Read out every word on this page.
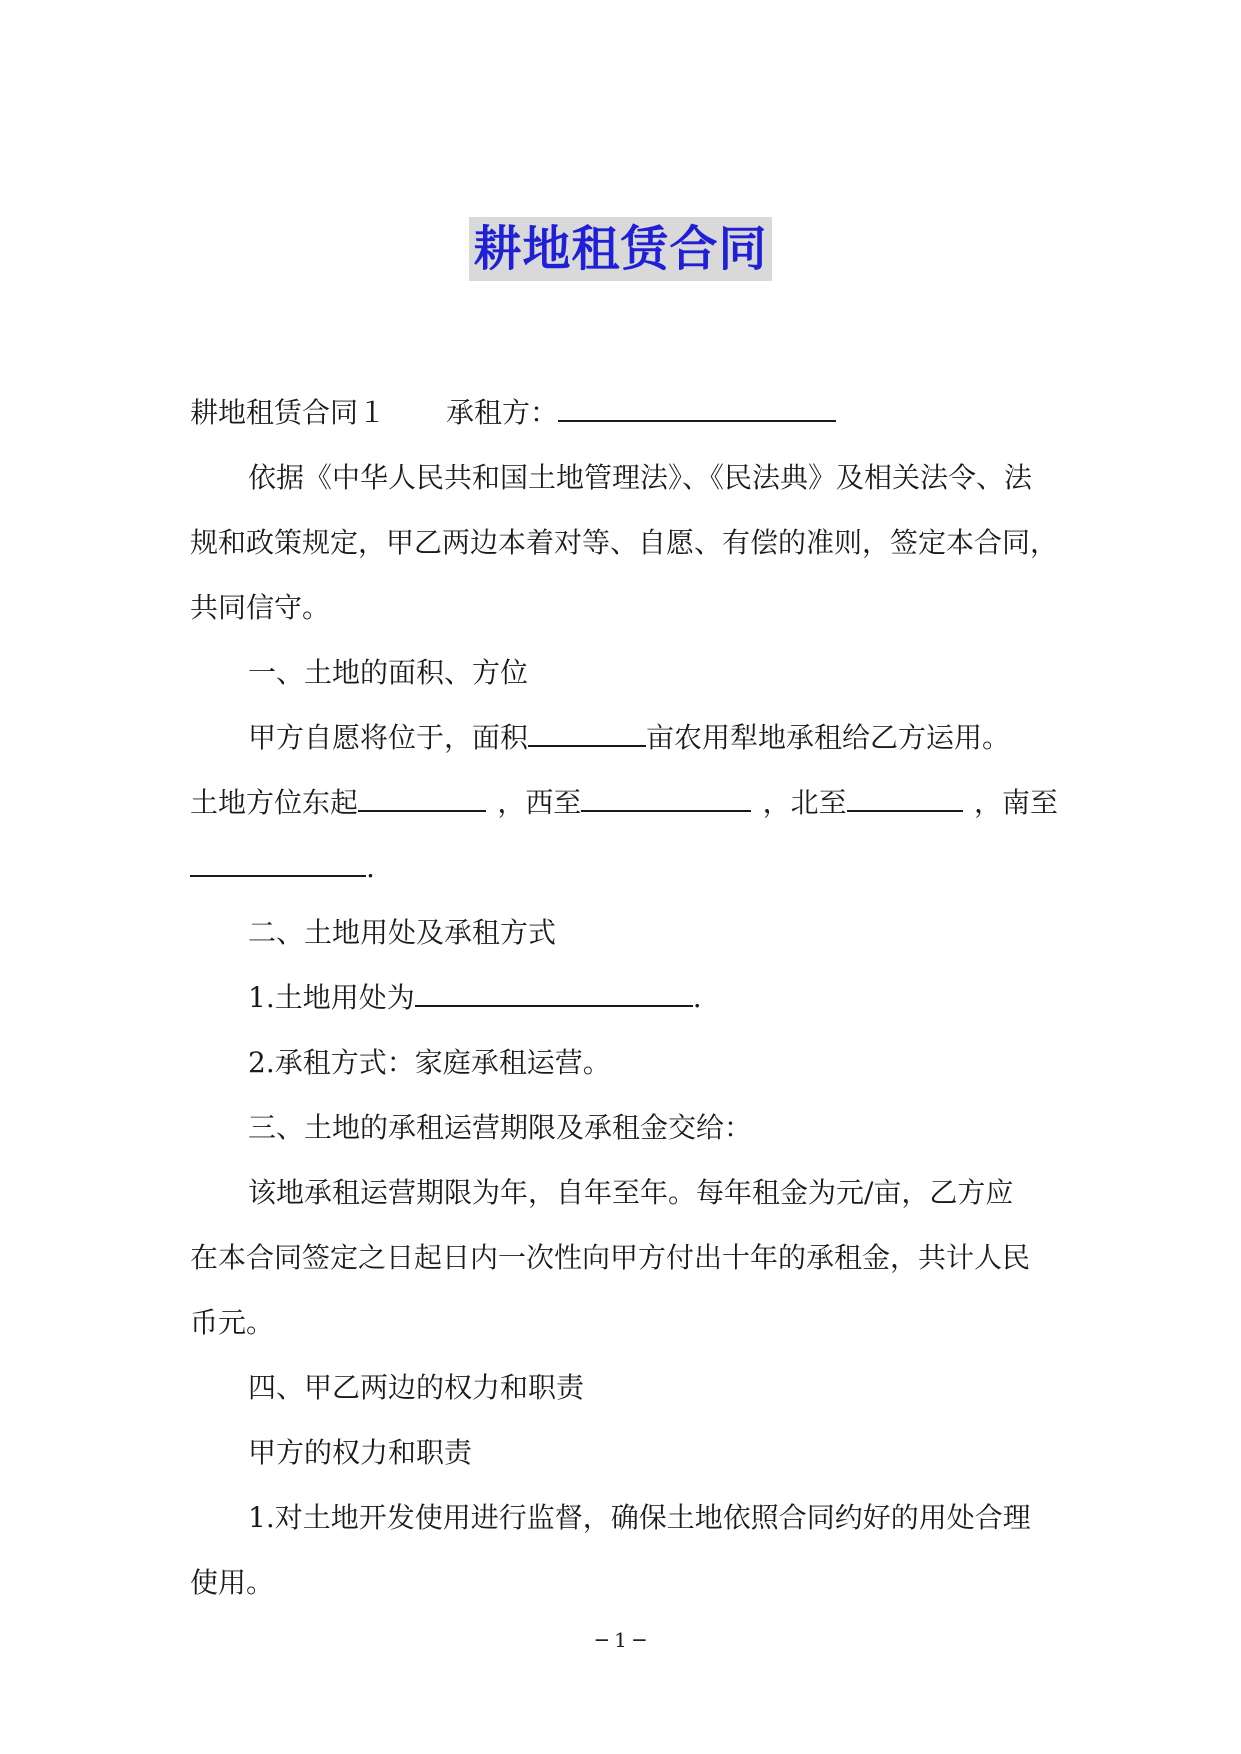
耕地租赁合同
耕地租赁合同１ 承租方：
依据《中华人民共和国土地管理法》、《民法典》及相关法令、法
规和政策规定，甲乙两边本着对等、自愿、有偿的准则，签定本合同，
共同信守。
一、土地的面积、方位
甲方自愿将位于，面积	亩农用犁地承租给乙方运用。
土地方位东起	，西至	，北至	，南至
.
二、土地用处及承租方式
1.土地用处为	.
2.承租方式：家庭承租运营。
三、土地的承租运营期限及承租金交给：
该地承租运营期限为年，自年至年。每年租金为元/亩，乙方应
在本合同签定之日起日内一次性向甲方付出十年的承租金，共计人民
币元。
四、甲乙两边的权力和职责
甲方的权力和职责
1.对土地开发使用进行监督，确保土地依照合同约好的用处合理
使用。
─ 1 ─
